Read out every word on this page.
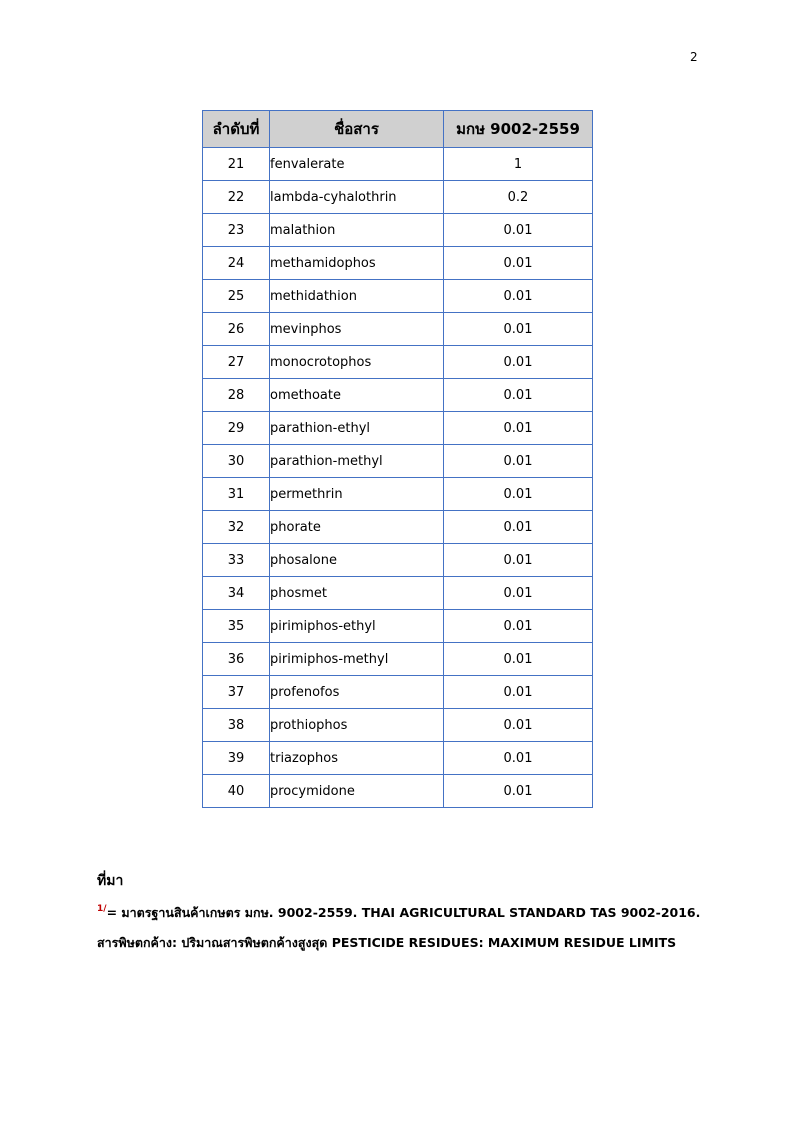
2
ลำดับที่	ชื่อสาร	มกษ 9002-2559
21	fenvalerate	1
22	lambda-cyhalothrin	0.2
23	malathion	0.01
24	methamidophos	0.01
25	methidathion	0.01
26	mevinphos	0.01
27	monocrotophos	0.01
28	omethoate	0.01
29	parathion-ethyl	0.01
30	parathion-methyl	0.01
31	permethrin	0.01
32	phorate	0.01
33	phosalone	0.01
34	phosmet	0.01
35	pirimiphos-ethyl	0.01
36	pirimiphos-methyl	0.01
37	profenofos	0.01
38	prothiophos	0.01
39	triazophos	0.01
40	procymidone	0.01
ที่มา
$^{1/}$= มาตรฐานสินค้าเกษตร มกษ. 9002-2559. THAI AGRICULTURAL STANDARD TAS 9002-2016.
สารพิษตกค้าง: ปริมาณสารพิษตกค้างสูงสุด PESTICIDE RESIDUES: MAXIMUM RESIDUE LIMITS
